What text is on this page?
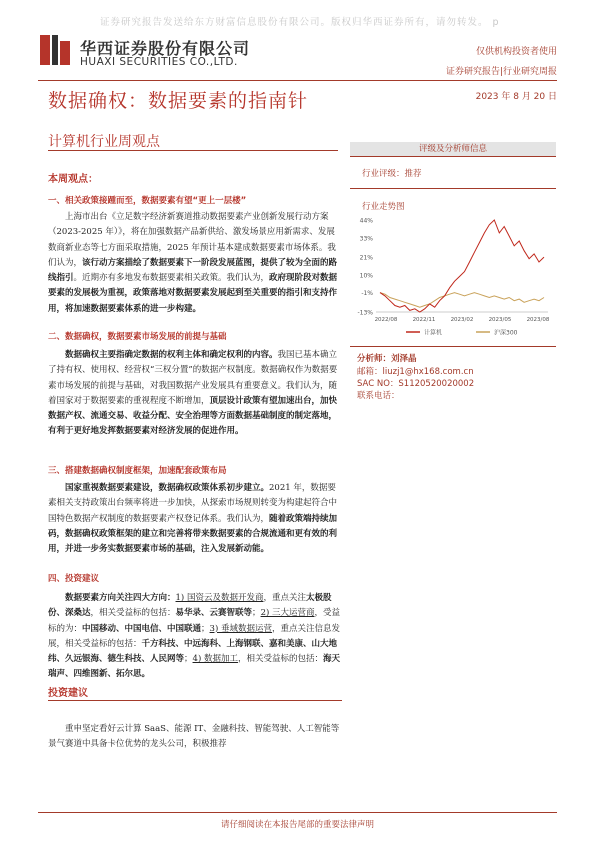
证券研究报告发送给东方财富信息股份有限公司。版权归华西证券所有，请勿转发。 p
华西证券股份有限公司
HUAXI SECURITIES CO.,LTD.
仅供机构投资者使用
证券研究报告|行业研究周报
数据确权：数据要素的指南针	2023 年 8 月 20 日
计算机行业周观点
本周观点：
一、相关政策接踵而至，数据要素有望“更上一层楼”

上海市出台《立足数字经济新赛道推动数据要素产业创新发展行动方案（2023-2025 年）》，将在加强数据产品新供给、激发场景应用新需求、发展数商新业态等七方面采取措施，2025 年预计基本建成数据要素市场体系。我们认为，该行动方案描绘了数据要素下一阶段发展蓝图，提供了较为全面的路线指引。近期亦有多地发布数据要素相关政策。我们认为，政府现阶段对数据要素的发展极为重视，政策落地对数据要素发展起到至关重要的指引和支持作用，将加速数据要素体系的进一步构建。

二、数据确权，数据要素市场发展的前提与基础

数据确权主要指确定数据的权利主体和确定权利的内容。我国已基本确立了持有权、使用权、经营权“三权分置”的数据产权制度。数据确权作为数据要素市场发展的前提与基础，对我国数据产业发展具有重要意义。我们认为，随着国家对于数据要素的重视程度不断增加，顶层设计政策有望加速出台，加快数据产权、流通交易、收益分配、安全治理等方面数据基础制度的制定落地，有利于更好地发挥数据要素对经济发展的促进作用。

三、搭建数据确权制度框架，加速配套政策布局

国家重视数据要素建设，数据确权政策体系初步建立。2021 年，数据要素相关支持政策出台频率将进一步加快，从探索市场规则转变为构建起符合中国特色数据产权制度的数据要素产权登记体系。我们认为，随着政策端持续加码，数据确权政策框架的建立和完善将带来数据要素的合规流通和更有效的利用，并进一步务实数据要素市场的基础，注入发展新动能。

四、投资建议

数据要素方向关注四大方向：1) 国资云及数据开发商，重点关注太极股份、深桑达，相关受益标的包括：易华录、云赛智联等；2) 三大运营商，受益标的为：中国移动、中国电信、中国联通；3) 垂域数据运营，重点关注信息发展，相关受益标的包括：千方科技、中远海科、上海钢联、嘉和美康、山大地纬、久远银海、德生科技、人民网等；4) 数据加工，相关受益标的包括：海天瑞声、四维图新、拓尔思。

投资建议

重申坚定看好云计算 SaaS、能源 IT、金融科技、智能驾驶、人工智能等景气赛道中具备卡位优势的龙头公司，积极推荐

评级及分析师信息
行业评级：推荐
行业走势图
-13%
-1%
10%
21%
33%
44%
2022/08	2022/11	2023/02	2023/05	2023/08
计算机	沪深300
分析师：刘泽晶
邮箱：liuzj1@hx168.com.cn
SAC NO：S1120520020002
联系电话：
请仔细阅读在本报告尾部的重要法律声明
